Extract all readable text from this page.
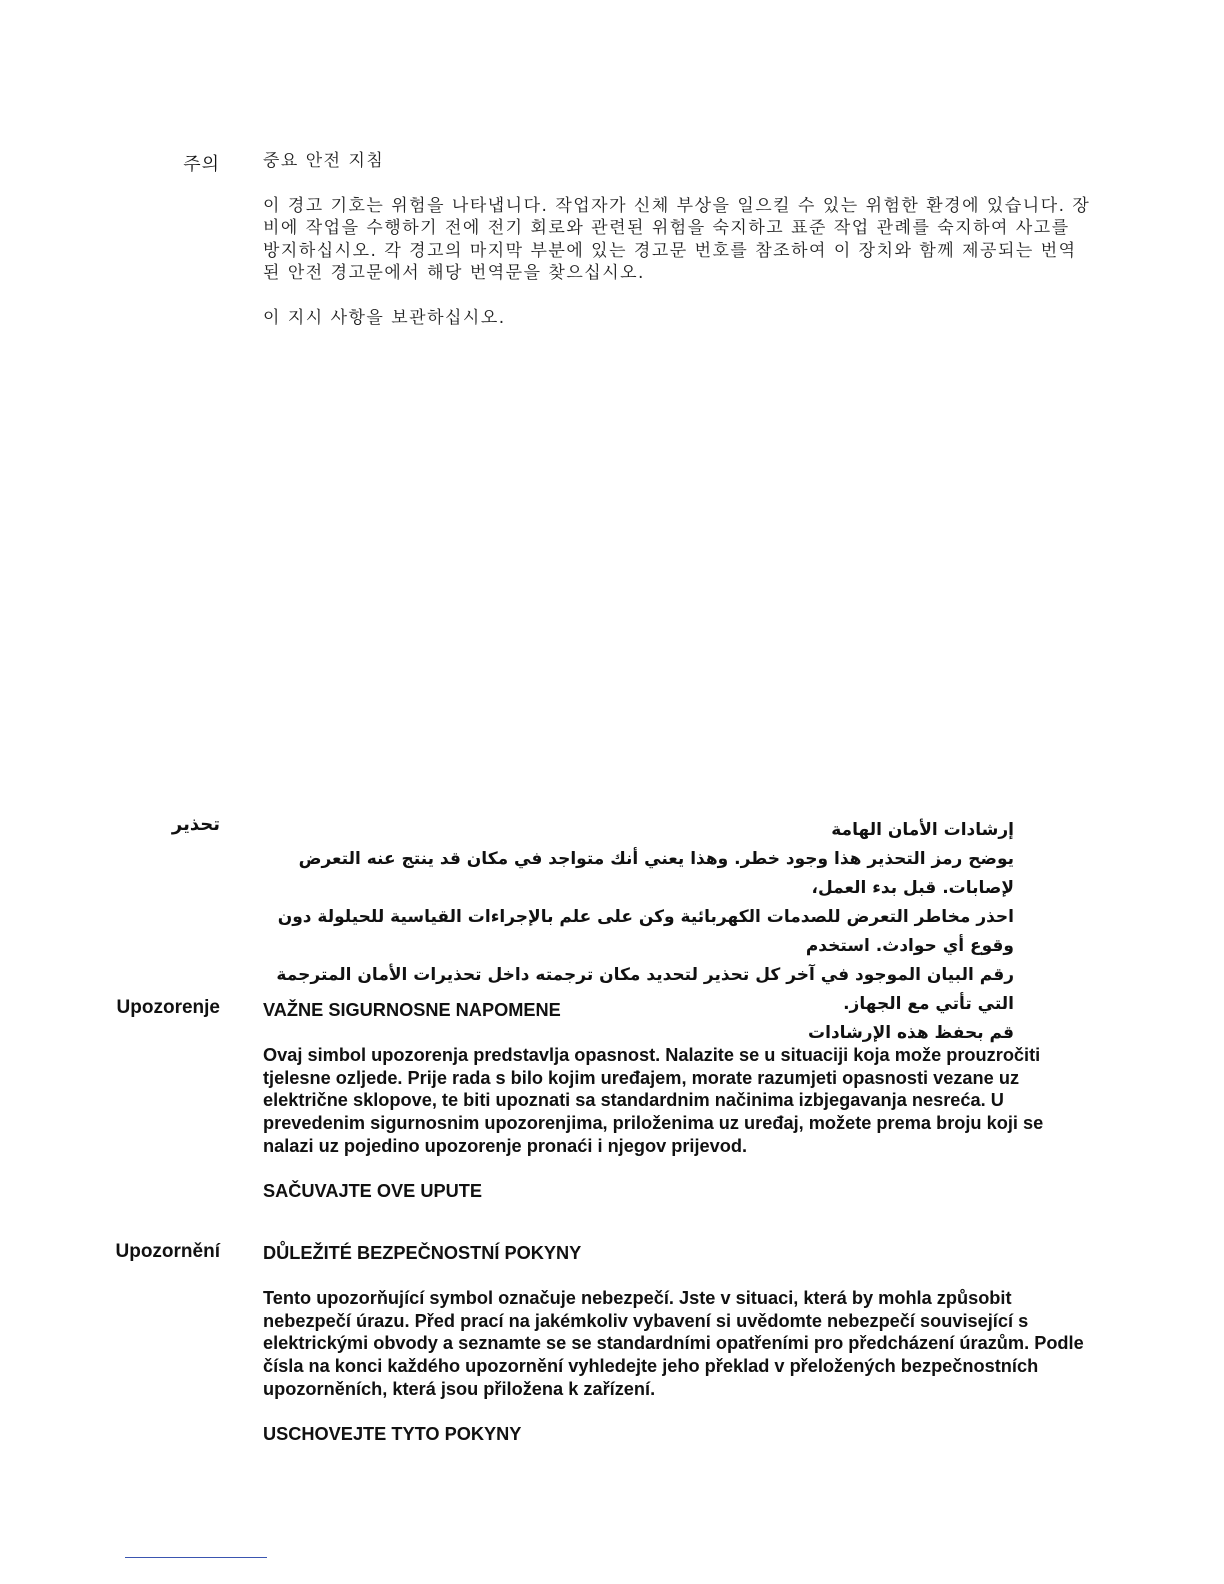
주의	중요 안전 지침

이 경고 기호는 위험을 나타냅니다. 작업자가 신체 부상을 일으킬 수 있는 위험한 환경에 있습니다. 장비에 작업을 수행하기 전에 전기 회로와 관련된 위험을 숙지하고 표준 작업 관례를 숙지하여 사고를 방지하십시오. 각 경고의 마지막 부분에 있는 경고문 번호를 참조하여 이 장치와 함께 제공되는 번역된 안전 경고문에서 해당 번역문을 찾으십시오.

이 지시 사항을 보관하십시오.

تحذير	إرشادات الأمان الهامة

يوضح رمز التحذير هذا وجود خطر. وهذا يعني أنك متواجد في مكان قد ينتج عنه التعرض لإصابات. قبل بدء العمل،

احذر مخاطر التعرض للصدمات الكهربائية وكن على علم بالإجراءات القياسية للحيلولة دون وقوع أي حوادث. استخدم

رقم البيان الموجود في آخر كل تحذير لتحديد مكان ترجمته داخل تحذيرات الأمان المترجمة التي تأتي مع الجهاز.

قم بحفظ هذه الإرشادات

Upozorenje VAŽNE SIGURNOSNE NAPOMENE

Ovaj simbol upozorenja predstavlja opasnost. Nalazite se u situaciji koja može prouzročiti tjelesne ozljede. Prije rada s bilo kojim uređajem, morate razumjeti opasnosti vezane uz električne sklopove, te biti upoznati sa standardnim načinima izbjegavanja nesreća. U prevedenim sigurnosnim upozorenjima, priloženima uz uređaj, možete prema broju koji se nalazi uz pojedino upozorenje pronaći i njegov prijevod.

SAČUVAJTE OVE UPUTE

Upozornění DŮLEŽITÉ BEZPEČNOSTNÍ POKYNY

Tento upozorňující symbol označuje nebezpečí. Jste v situaci, která by mohla způsobit nebezpečí úrazu. Před prací na jakémkoliv vybavení si uvědomte nebezpečí související s elektrickými obvody a seznamte se se standardními opatřeními pro předcházení úrazům. Podle čísla na konci každého upozornění vyhledejte jeho překlad v přeložených bezpečnostních upozorněních, která jsou přiložena k zařízení.

USCHOVEJTE TYTO POKYNY
